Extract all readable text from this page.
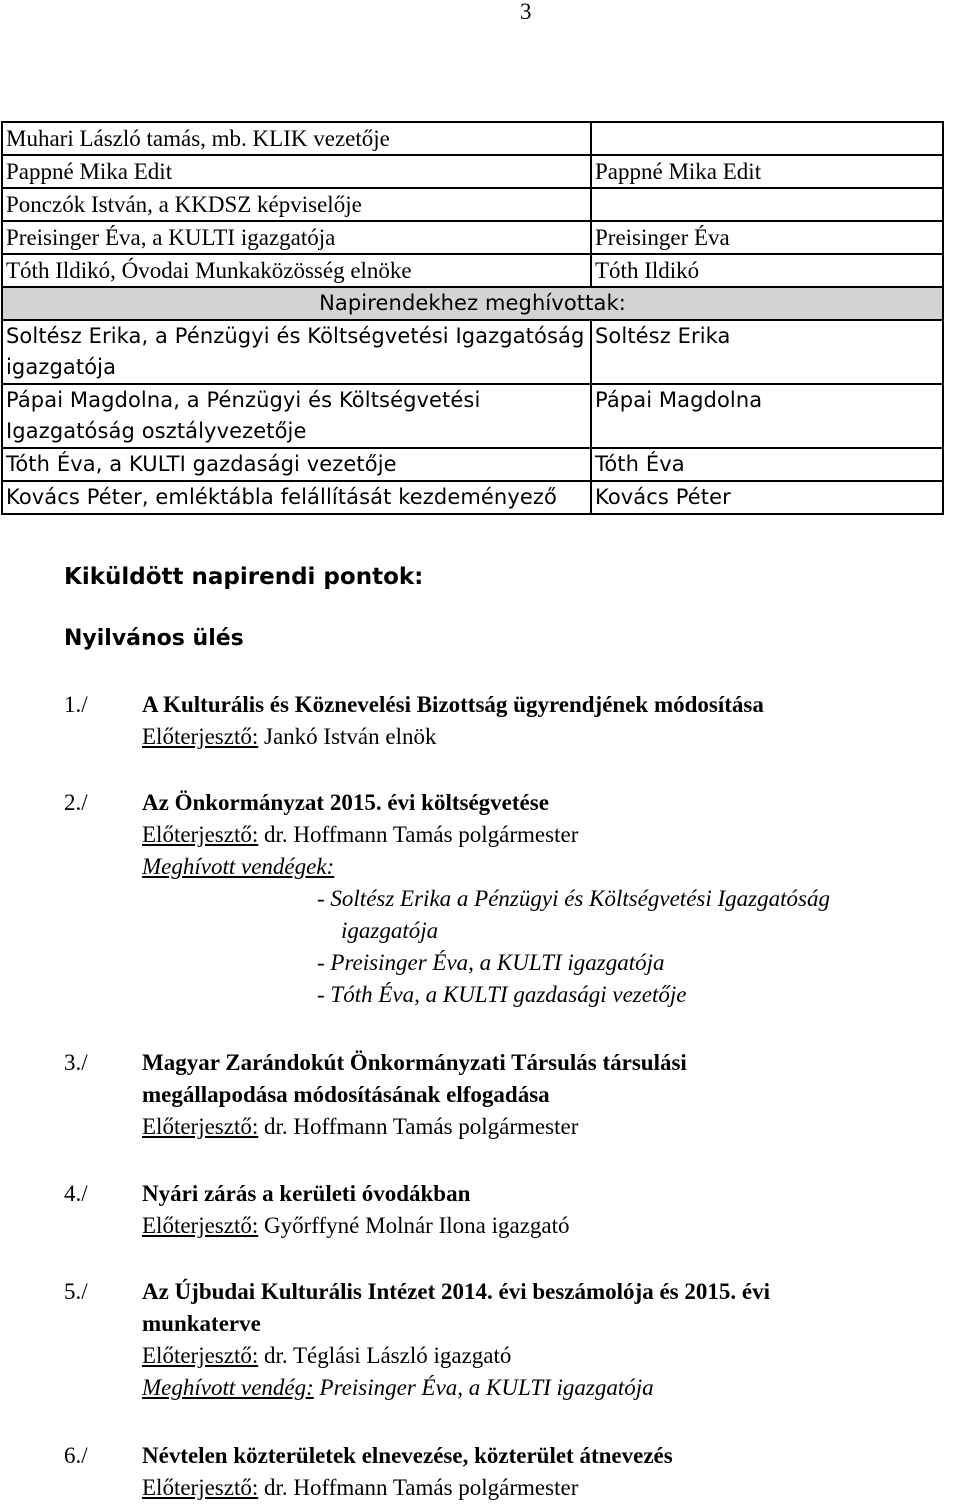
3
Muhari László tamás, mb. KLIK vezetője	
Pappné Mika Edit	Pappné Mika Edit
Ponczók István, a KKDSZ képviselője	
Preisinger Éva, a KULTI igazgatója	Preisinger Éva
Tóth Ildikó, Óvodai Munkaközösség elnöke	Tóth Ildikó
Napirendekhez meghívottak:	
Soltész Erika, a Pénzügyi és Költségvetési Igazgatóság igazgatója	Soltész Erika
Pápai Magdolna, a Pénzügyi és Költségvetési Igazgatóság osztályvezetője	Pápai Magdolna
Tóth Éva, a KULTI gazdasági vezetője	Tóth Éva
Kovács Péter, emléktábla felállítását kezdeményező	Kovács Péter
Kiküldött napirendi pontok:
Nyilvános ülés
1./ A Kulturális és Köznevelési Bizottság ügyrendjének módosítása
Előterjesztő: Jankó István elnök
2./ Az Önkormányzat 2015. évi költségvetése
Előterjesztő: dr. Hoffmann Tamás polgármester
Meghívott vendégek:
- Soltész Erika a Pénzügyi és Költségvetési Igazgatóság
igazgatója
- Preisinger Éva, a KULTI igazgatója
- Tóth Éva, a KULTI gazdasági vezetője
3./ Magyar Zarándokút Önkormányzati Társulás társulási
megállapodása módosításának elfogadása
Előterjesztő: dr. Hoffmann Tamás polgármester
4./ Nyári zárás a kerületi óvodákban
Előterjesztő: Győrffyné Molnár Ilona igazgató
5./ Az Újbudai Kulturális Intézet 2014. évi beszámolója és 2015. évi
munkaterve
Előterjesztő: dr. Téglási László igazgató
Meghívott vendég: Preisinger Éva, a KULTI igazgatója
6./ Névtelen közterületek elnevezése, közterület átnevezés
Előterjesztő: dr. Hoffmann Tamás polgármester
